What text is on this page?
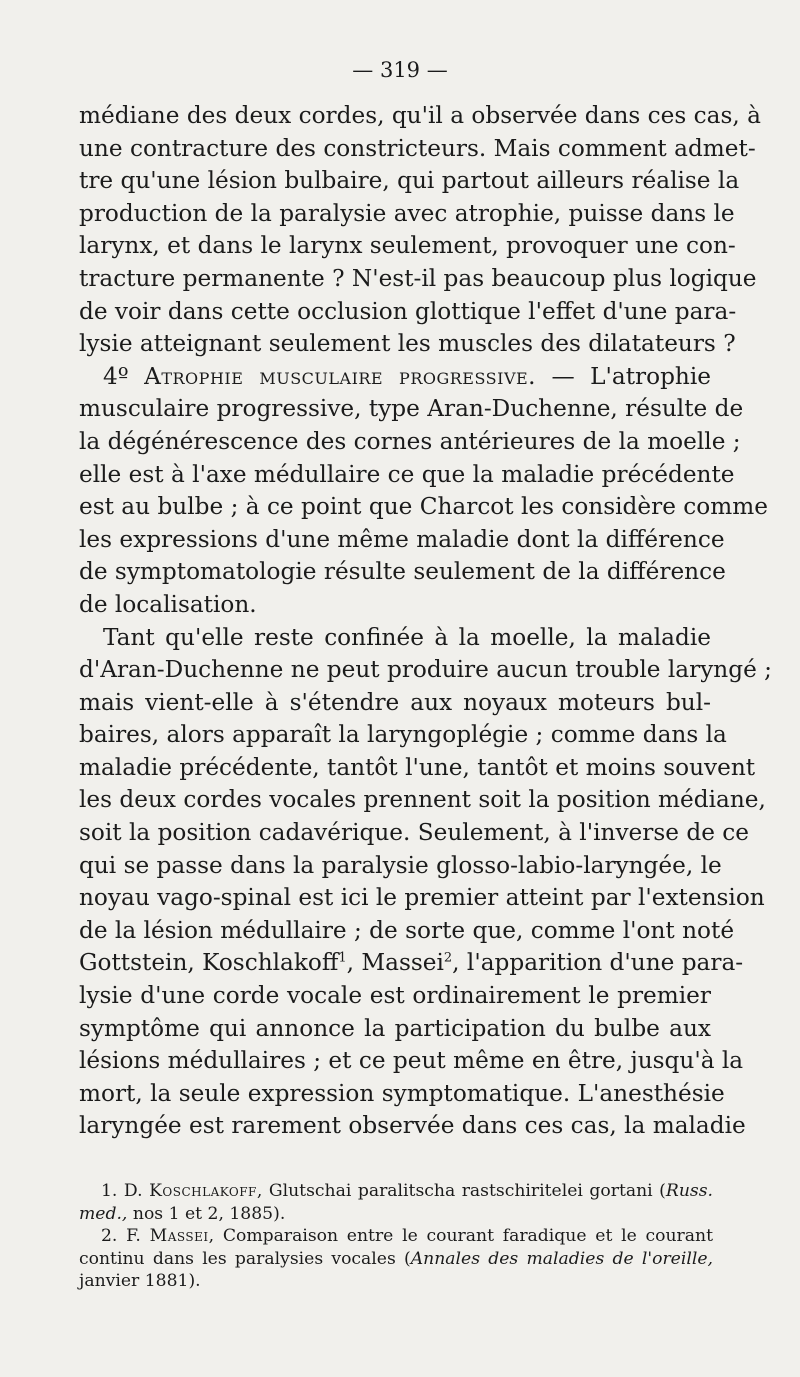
— 319 —
médiane des deux cordes, qu'il a observée dans ces cas, à
une contracture des constricteurs. Mais comment admet-
tre qu'une lésion bulbaire, qui partout ailleurs réalise la
production de la paralysie avec atrophie, puisse dans le
larynx, et dans le larynx seulement, provoquer une con-
tracture permanente ? N'est-il pas beaucoup plus logique
de voir dans cette occlusion glottique l'effet d'une para-
lysie atteignant seulement les muscles des dilatateurs ?
4º Atrophie musculaire progressive. — L'atrophie
musculaire progressive, type Aran-Duchenne, résulte de
la dégénérescence des cornes antérieures de la moelle ;
elle est à l'axe médullaire ce que la maladie précédente
est au bulbe ; à ce point que Charcot les considère comme
les expressions d'une même maladie dont la différence
de symptomatologie résulte seulement de la différence
de localisation.
Tant qu'elle reste confinée à la moelle, la maladie
d'Aran-Duchenne ne peut produire aucun trouble laryngé ;
mais vient-elle à s'étendre aux noyaux moteurs bul-
baires, alors apparaît la laryngoplégie ; comme dans la
maladie précédente, tantôt l'une, tantôt et moins souvent
les deux cordes vocales prennent soit la position médiane,
soit la position cadavérique. Seulement, à l'inverse de ce
qui se passe dans la paralysie glosso-labio-laryngée, le
noyau vago-spinal est ici le premier atteint par l'extension
de la lésion médullaire ; de sorte que, comme l'ont noté
Gottstein, Koschlakoff$^1$, Massei$^2$, l'apparition d'une para-
lysie d'une corde vocale est ordinairement le premier
symptôme qui annonce la participation du bulbe aux
lésions médullaires ; et ce peut même en être, jusqu'à la
mort, la seule expression symptomatique. L'anesthésie
laryngée est rarement observée dans ces cas, la maladie
1. D. Koschlakoff, Glutschai paralitscha rastschiritelei gortani (Russ.
med., nos 1 et 2, 1885).
2. F. Massei, Comparaison entre le courant faradique et le courant
continu dans les paralysies vocales (Annales des maladies de l'oreille,
janvier 1881).
